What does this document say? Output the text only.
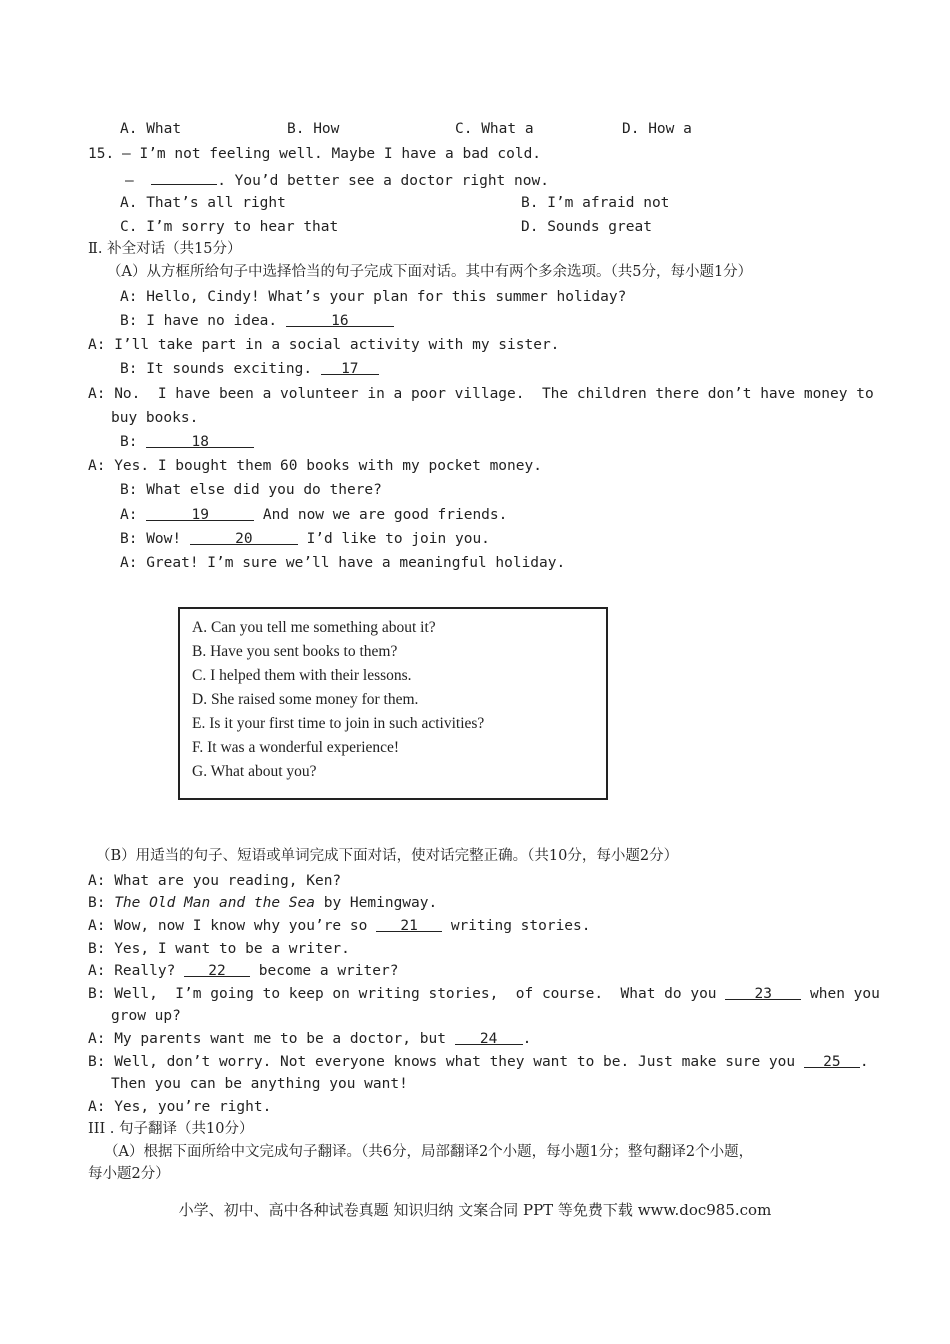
A. What	B. How	C. What a	D. How a
15. – I’m not feeling well. Maybe I have a bad cold.
–	. You’d better see a doctor right now.
A. That’s all right	B. I’m afraid not
C. I’m sorry to hear that	D. Sounds great
Ⅱ. 补全对话（共15分）
（A）从方框所给句子中选择恰当的句子完成下面对话。其中有两个多余选项。（共5分，每小题1分）
A: Hello, Cindy! What’s your plan for this summer holiday?
B: I have no idea.	16
A: I’ll take part in a social activity with my sister.
B: It sounds exciting. 17
A: No.  I have been a volunteer in a poor village.  The children there don’t have money to
buy books.
B:	18
A: Yes. I bought them 60 books with my pocket money.
B: What else did you do there?
A:	19	And now we are good friends.
B: Wow!	20	I’d like to join you.
A: Great! I’m sure we’ll have a meaningful holiday.
A. Can you tell me something about it?
B. Have you sent books to them?
C. I helped them with their lessons.
D. She raised some money for them.
E. Is it your first time to join in such activities?
F. It was a wonderful experience!
G. What about you?
（B）用适当的句子、短语或单词完成下面对话，使对话完整正确。（共10分，每小题2分）
A: What are you reading, Ken?
B: The Old Man and the Sea by Hemingway.
A: Wow, now I know why you’re so 21 writing stories.
B: Yes, I want to be a writer.
A: Really? 22 become a writer?
B: Well,  I’m going to keep on writing stories,  of course.  What do you 23 when you
grow up?
A: My parents want me to be a doctor, but 24 .
B: Well, don’t worry. Not everyone knows what they want to be. Just make sure you 25 .
Then you can be anything you want!
A: Yes, you’re right.
III . 句子翻译（共10分）
（A）根据下面所给中文完成句子翻译。（共6分，局部翻译2个小题，每小题1分；整句翻译2个小题，
每小题2分）
小学、初中、高中各种试卷真题 知识归纳 文案合同 PPT 等免费下载 www.doc985.com
